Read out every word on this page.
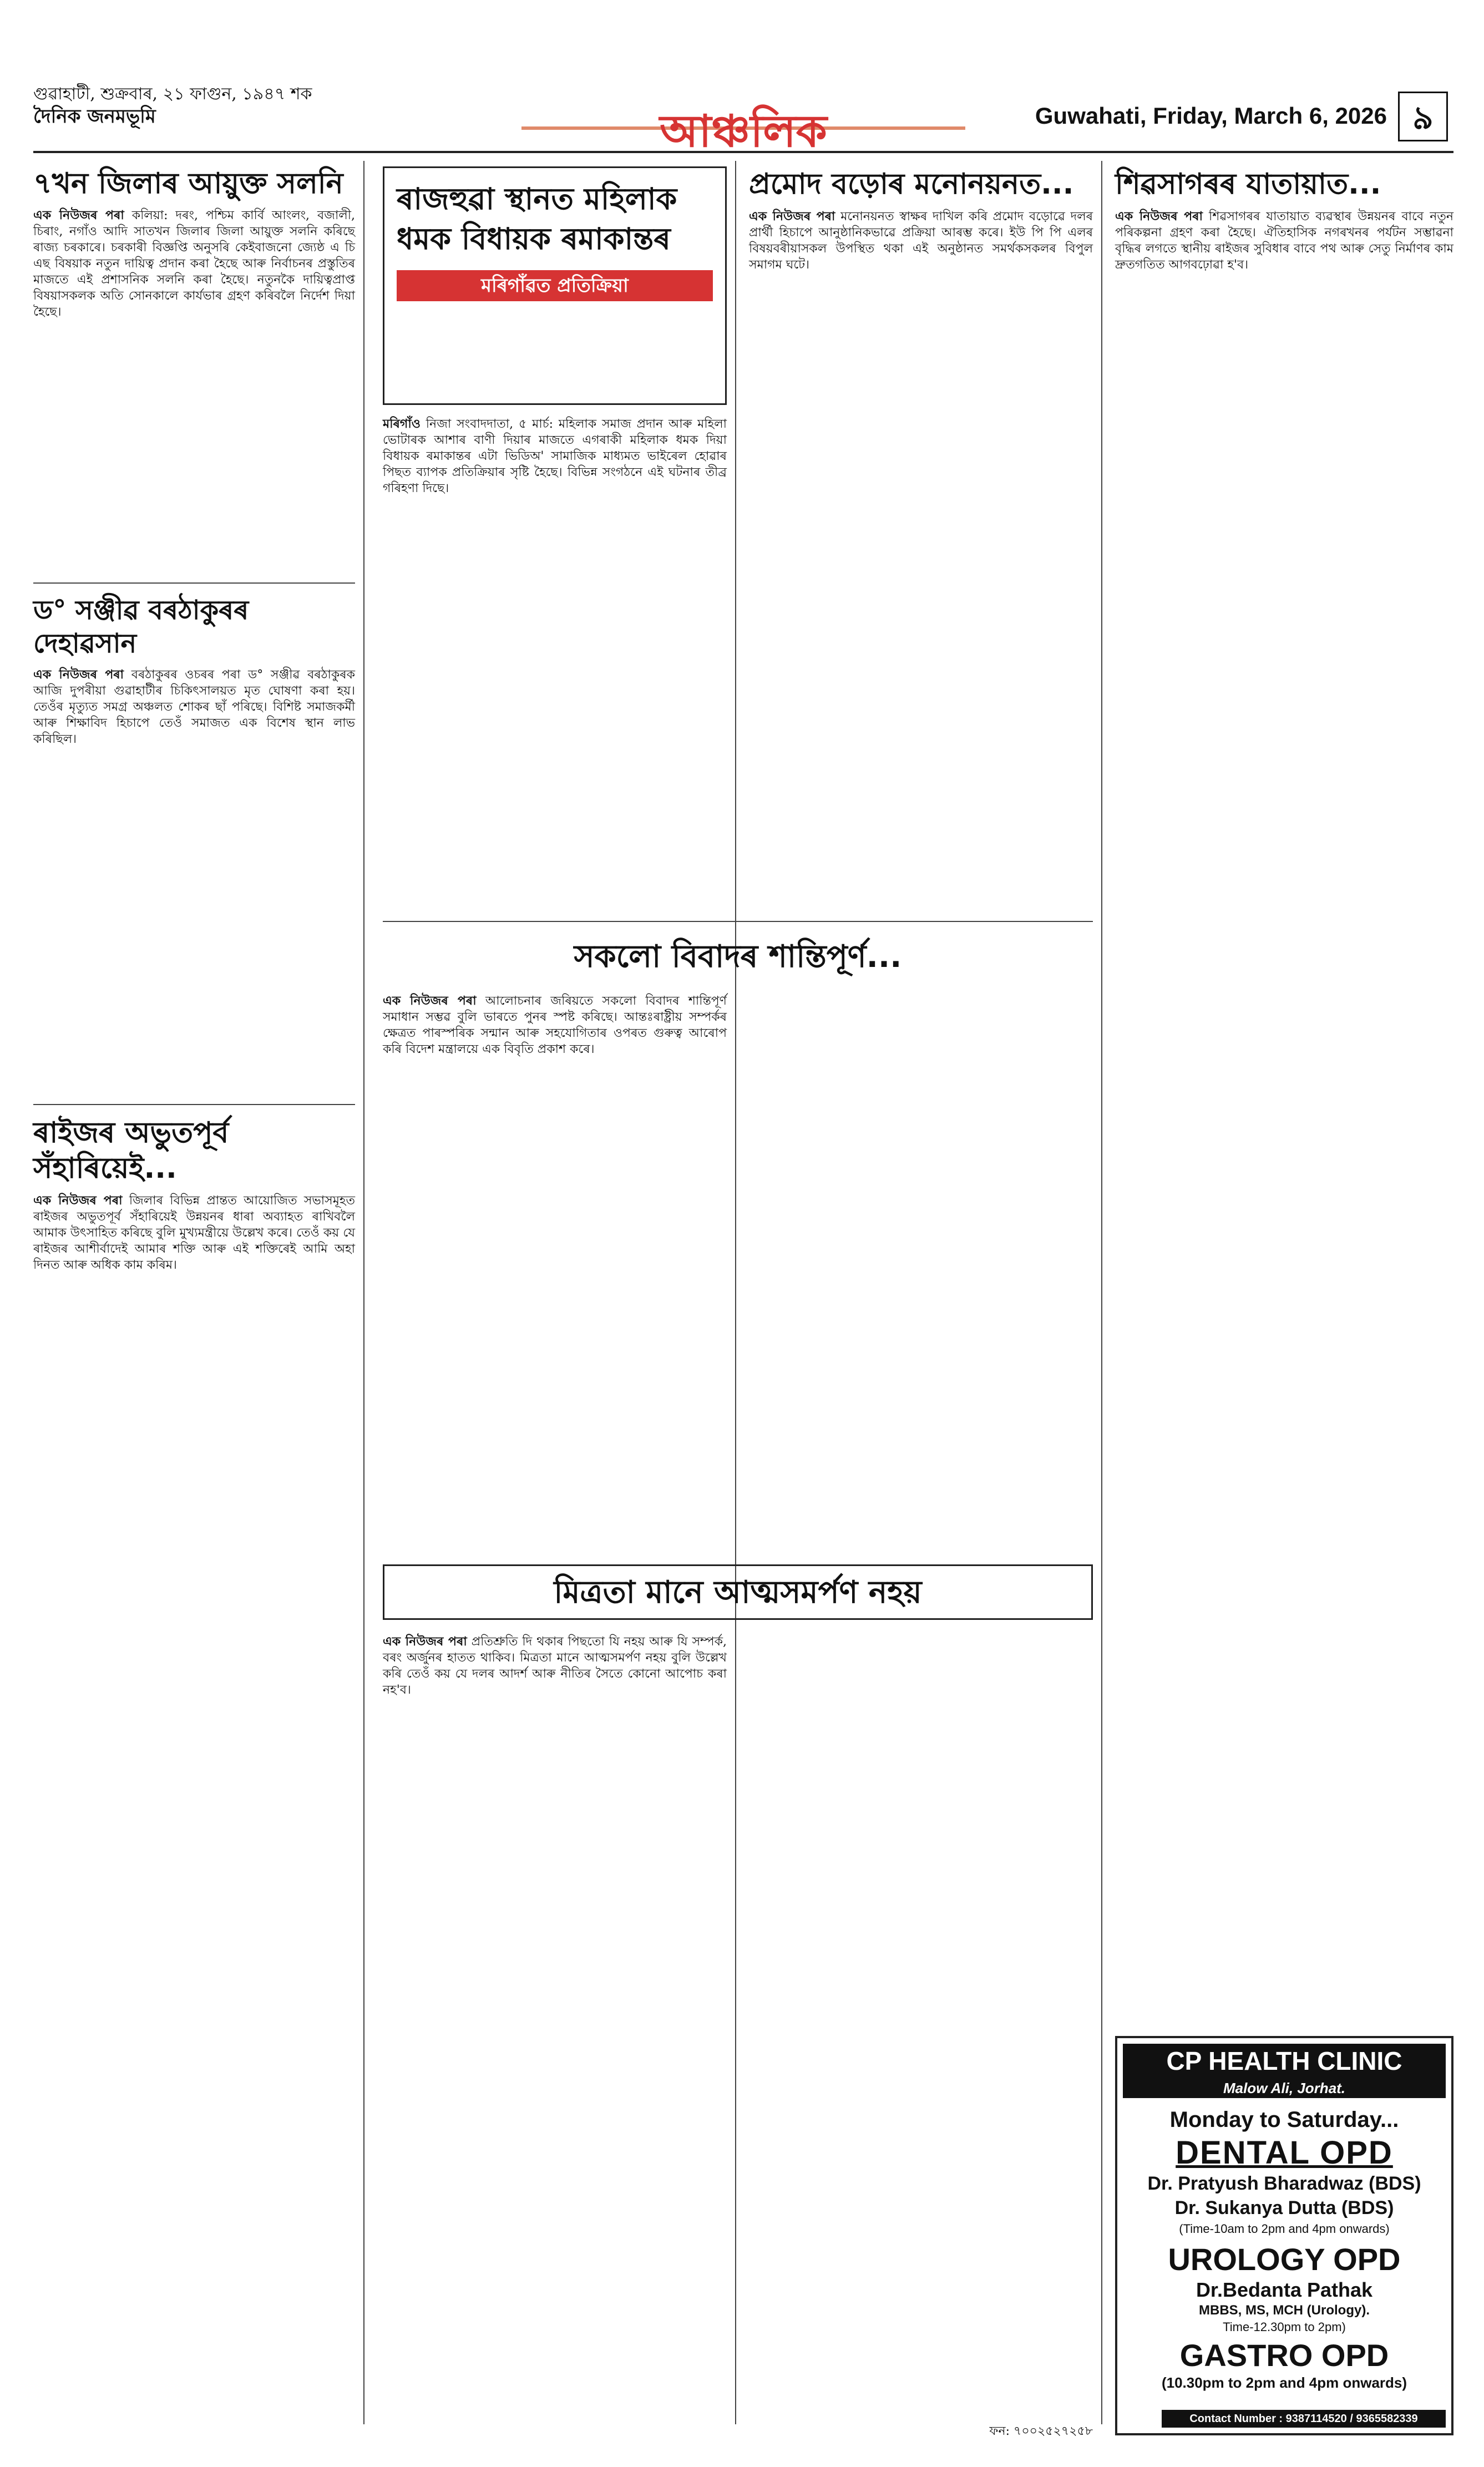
গুৱাহাটী, শুক্ৰবাৰ, ২১ ফাগুন, ১৯৪৭ শক
দৈনিক জনমভূমি	আঞ্চলিক	Guwahati, Friday, March 6, 2026 ৯
৭খন জিলাৰ আয়ুক্ত সলনি
এক নিউজৰ পৰা কলিয়া: দৰং, পশ্চিম কাৰ্বি আংলং, বজালী, চিৰাং, নগাঁও আদি সাতখন জিলাৰ জিলা আয়ুক্ত সলনি কৰিছে ৰাজ্য চৰকাৰে। চৰকাৰী বিজ্ঞপ্তি অনুসৰি কেইবাজনো জ্যেষ্ঠ এ চি এছ বিষয়াক নতুন দায়িত্ব প্ৰদান কৰা হৈছে আৰু নিৰ্বাচনৰ প্ৰস্তুতিৰ মাজতে এই প্ৰশাসনিক সলনি কৰা হৈছে। নতুনকৈ দায়িত্বপ্ৰাপ্ত বিষয়াসকলক অতি সোনকালে কাৰ্যভাৰ গ্ৰহণ কৰিবলৈ নিৰ্দেশ দিয়া হৈছে।
ড° সঞ্জীৱ বৰঠাকুৰৰ দেহাৱসান
এক নিউজৰ পৰা বৰঠাকুৰৰ ওচৰৰ পৰা ড° সঞ্জীৱ বৰঠাকুৰক আজি দুপৰীয়া গুৱাহাটীৰ চিকিৎসালয়ত মৃত ঘোষণা কৰা হয়। তেওঁৰ মৃত্যুত সমগ্ৰ অঞ্চলত শোকৰ ছাঁ পৰিছে। বিশিষ্ট সমাজকৰ্মী আৰু শিক্ষাবিদ হিচাপে তেওঁ সমাজত এক বিশেষ স্থান লাভ কৰিছিল।
ৰাইজৰ অভুতপূৰ্ব সঁহাৰিয়েই...
এক নিউজৰ পৰা জিলাৰ বিভিন্ন প্ৰান্তত আয়োজিত সভাসমূহত ৰাইজৰ অভুতপূৰ্ব সঁহাৰিয়েই উন্নয়নৰ ধাৰা অব্যাহত ৰাখিবলৈ আমাক উৎসাহিত কৰিছে বুলি মুখ্যমন্ত্ৰীয়ে উল্লেখ কৰে। তেওঁ কয় যে ৰাইজৰ আশীৰ্বাদেই আমাৰ শক্তি আৰু এই শক্তিৰেই আমি অহা দিনত আৰু অধিক কাম কৰিম।
ৰাজহুৱা স্থানত মহিলাক ধমক বিধায়ক ৰমাকান্তৰ
মৰিগাঁৱত প্ৰতিক্ৰিয়া
মৰিগাঁও নিজা সংবাদদাতা, ৫ মাৰ্চ: মহিলাক সমাজ প্ৰদান আৰু মহিলা ভোটাৰক আশাৰ বাণী দিয়াৰ মাজতে এগৰাকী মহিলাক ধমক দিয়া বিধায়ক ৰমাকান্তৰ এটা ভিডিঅ' সামাজিক মাধ্যমত ভাইৰেল হোৱাৰ পিছত ব্যাপক প্ৰতিক্ৰিয়াৰ সৃষ্টি হৈছে। বিভিন্ন সংগঠনে এই ঘটনাৰ তীব্ৰ গৰিহণা দিছে।
সকলো বিবাদৰ শান্তিপূৰ্ণ...
এক নিউজৰ পৰা আলোচনাৰ জৰিয়তে সকলো বিবাদৰ শান্তিপূৰ্ণ সমাধান সম্ভৱ বুলি ভাৰতে পুনৰ স্পষ্ট কৰিছে। আন্তঃৰাষ্ট্ৰীয় সম্পৰ্কৰ ক্ষেত্ৰত পাৰস্পৰিক সন্মান আৰু সহযোগিতাৰ ওপৰত গুৰুত্ব আৰোপ কৰি বিদেশ মন্ত্ৰালয়ে এক বিবৃতি প্ৰকাশ কৰে।
মিত্ৰতা মানে আত্মসমৰ্পণ নহয়
এক নিউজৰ পৰা প্ৰতিশ্ৰুতি দি থকাৰ পিছতো যি নহয় আৰু যি সম্পৰ্ক, বৰং অৰ্জুনৰ হাতত থাকিব। মিত্ৰতা মানে আত্মসমৰ্পণ নহয় বুলি উল্লেখ কৰি তেওঁ কয় যে দলৰ আদৰ্শ আৰু নীতিৰ সৈতে কোনো আপোচ কৰা নহ'ব।
প্ৰমোদ বড়োৰ মনোনয়নত...
এক নিউজৰ পৰা মনোনয়নত স্বাক্ষৰ দাখিল কৰি প্ৰমোদ বড়োৱে দলৰ প্ৰাৰ্থী হিচাপে আনুষ্ঠানিকভাৱে প্ৰক্ৰিয়া আৰম্ভ কৰে। ইউ পি পি এলৰ বিষয়বৰীয়াসকল উপস্থিত থকা এই অনুষ্ঠানত সমৰ্থকসকলৰ বিপুল সমাগম ঘটে।
ফন: ৭০০২৫২৭২৫৮
শিৱসাগৰৰ যাতায়াত...
এক নিউজৰ পৰা শিৱসাগৰৰ যাতায়াত ব্যৱস্থাৰ উন্নয়নৰ বাবে নতুন পৰিকল্পনা গ্ৰহণ কৰা হৈছে। ঐতিহাসিক নগৰখনৰ পৰ্যটন সম্ভাৱনা বৃদ্ধিৰ লগতে স্থানীয় ৰাইজৰ সুবিধাৰ বাবে পথ আৰু সেতু নিৰ্মাণৰ কাম দ্ৰুতগতিত আগবঢ়োৱা হ'ব।
CP HEALTH CLINIC
Malow Ali, Jorhat.
Monday to Saturday...
DENTAL OPD
Dr. Pratyush Bharadwaz (BDS)
Dr. Sukanya Dutta (BDS)
(Time-10am to 2pm and 4pm onwards)
UROLOGY OPD
Dr.Bedanta Pathak
MBBS, MS, MCH (Urology).
Time-12.30pm to 2pm)
GASTRO OPD
(10.30pm to 2pm and 4pm onwards)
Contact Number : 9387114520 / 9365582339
